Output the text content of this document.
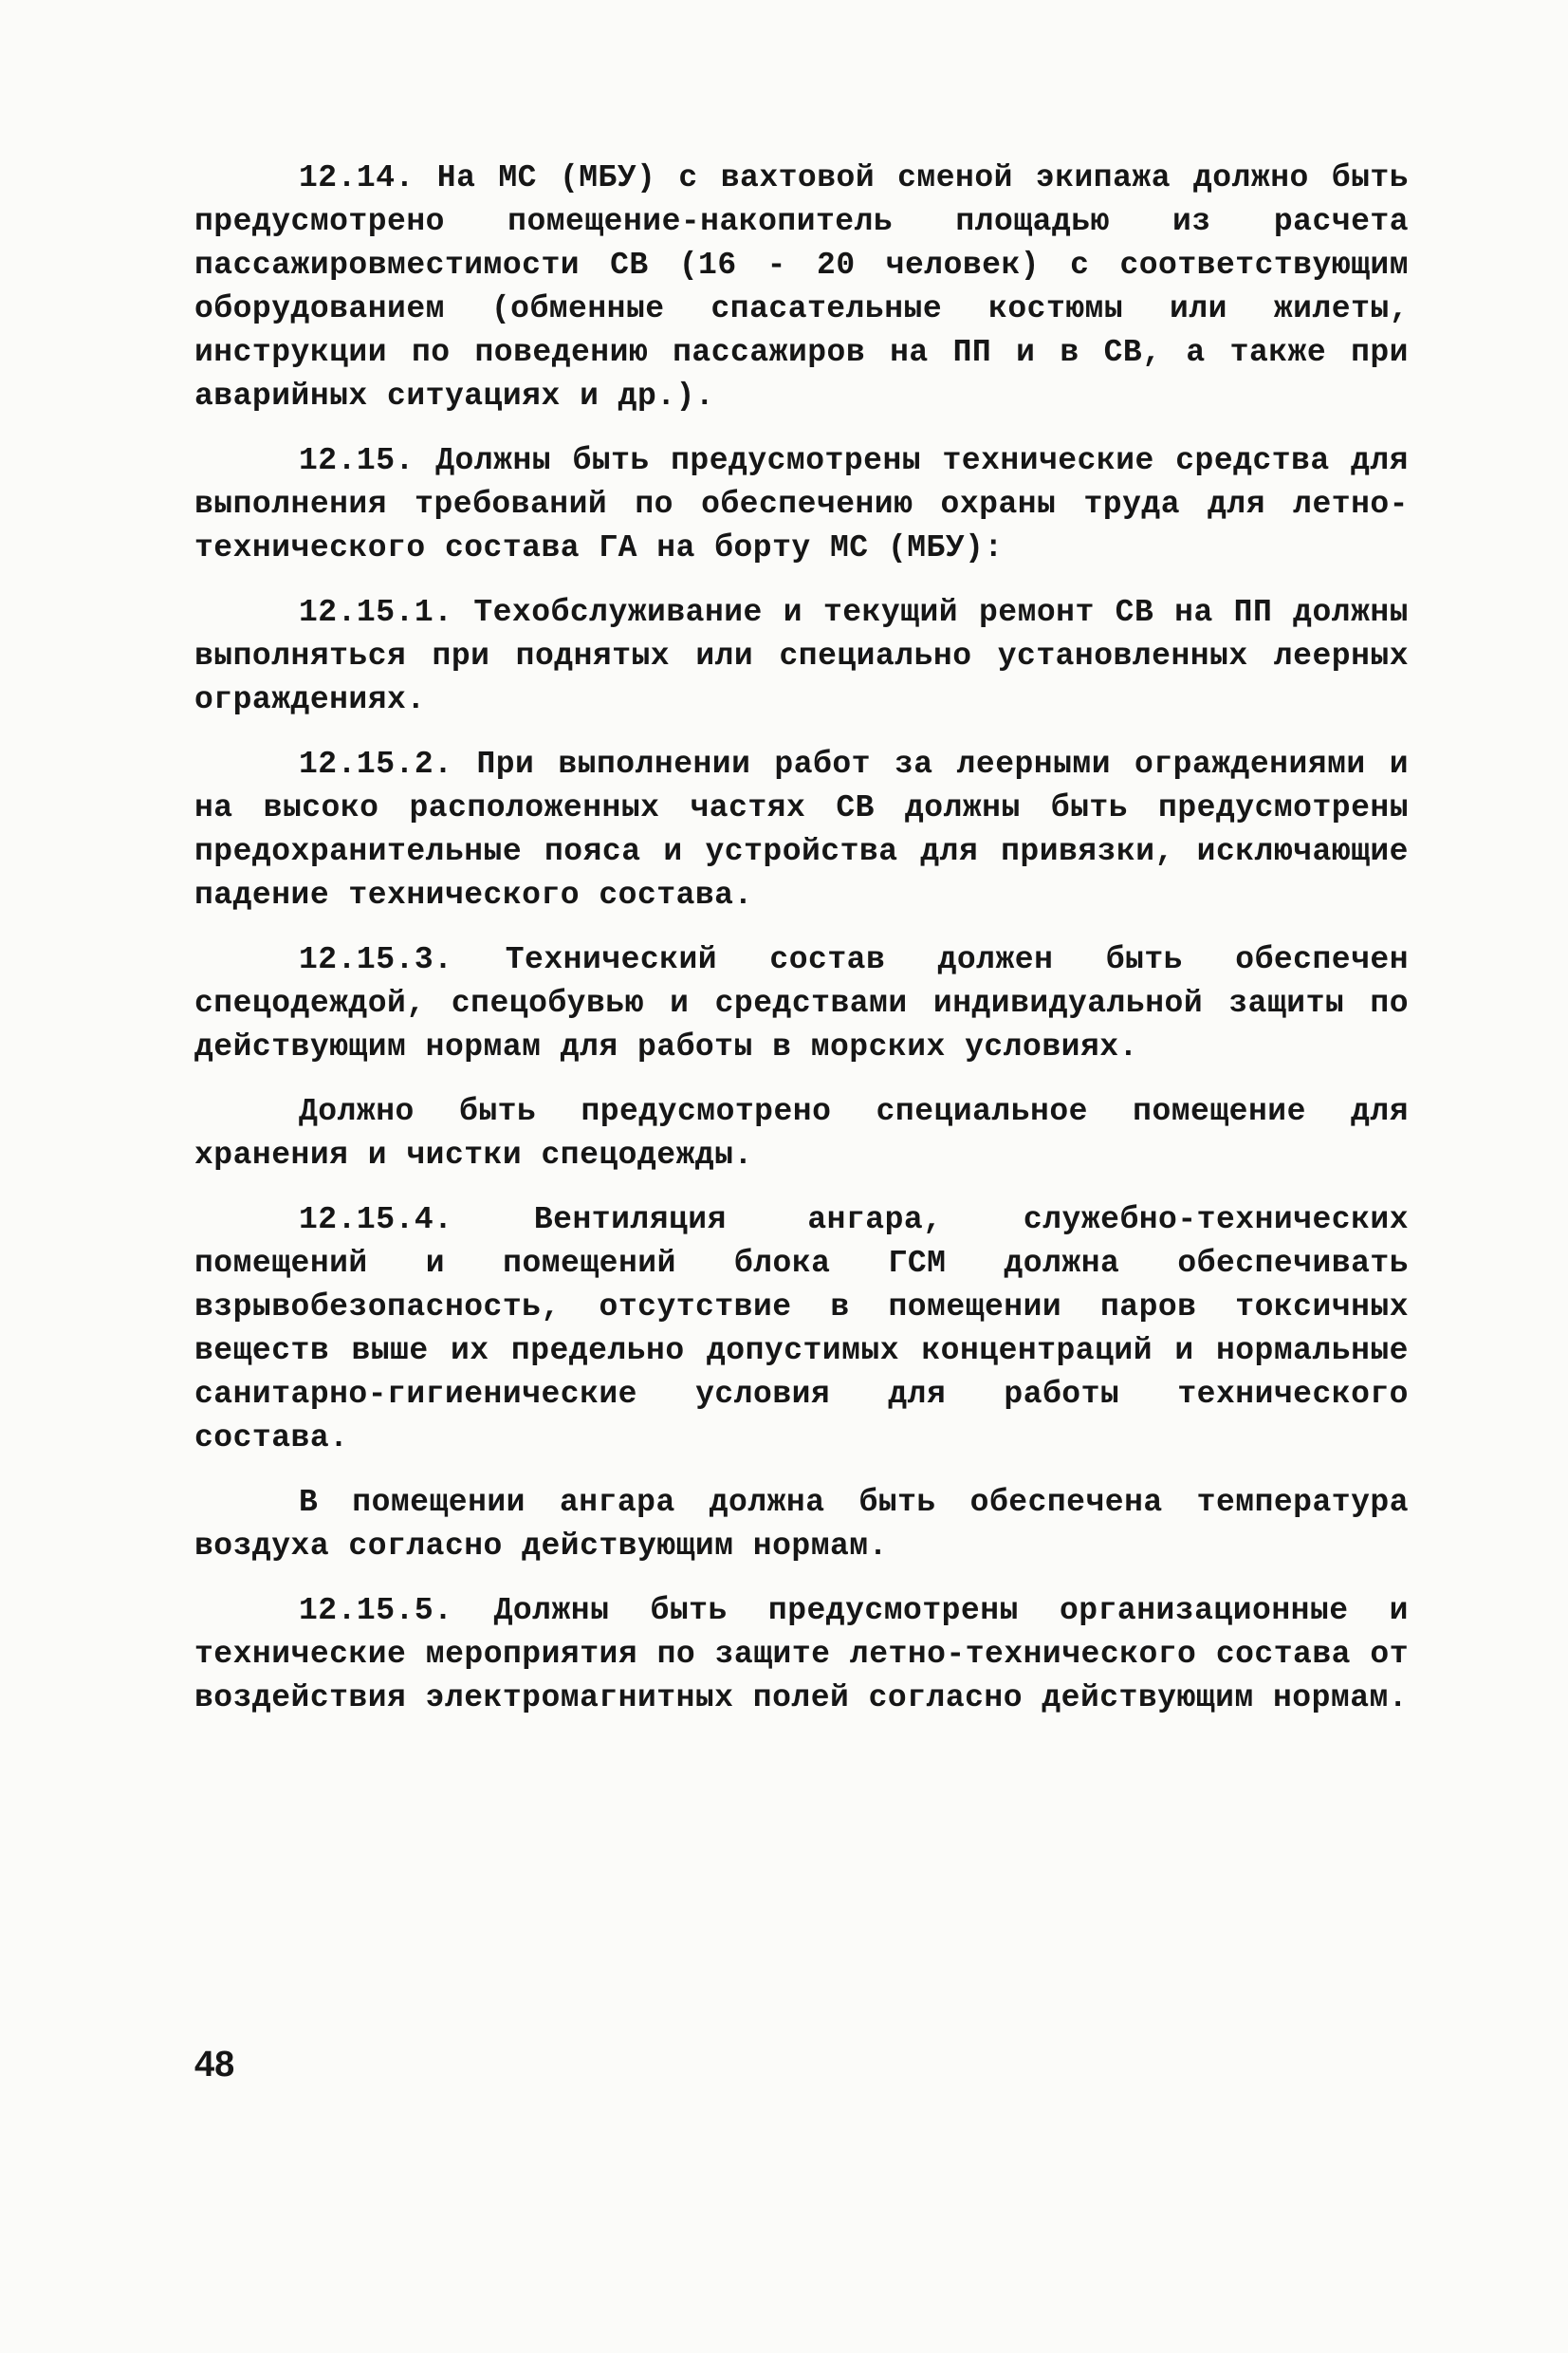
12.14. На МС (МБУ) с вахтовой сменой экипажа должно быть предусмотрено помещение-накопитель площадью из расчета пассажировместимости СВ (16 - 20 человек) с соответствующим оборудованием (обменные спасательные костюмы или жилеты, инструкции по поведению пассажиров на ПП и в СВ, а также при аварийных ситуациях и др.).

12.15. Должны быть предусмотрены технические средства для выполнения требований по обеспечению охраны труда для летно-технического состава ГА на борту МС (МБУ):

12.15.1. Техобслуживание и текущий ремонт СВ на ПП должны выполняться при поднятых или специально установленных леерных ограждениях.

12.15.2. При выполнении работ за леерными ограждениями и на высоко расположенных частях СВ должны быть предусмотрены предохранительные пояса и устройства для привязки, исключающие падение технического состава.

12.15.3. Технический состав должен быть обеспечен спецодеждой, спецобувью и средствами индивидуальной защиты по действующим нормам для работы в морских условиях.

Должно быть предусмотрено специальное помещение для хранения и чистки спецодежды.

12.15.4. Вентиляция ангара, служебно-технических помещений и помещений блока ГСМ должна обеспечивать взрывобезопасность, отсутствие в помещении паров токсичных веществ выше их предельно допустимых концентраций и нормальные санитарно-гигиенические условия для работы технического состава.

В помещении ангара должна быть обеспечена температура воздуха согласно действующим нормам.

12.15.5. Должны быть предусмотрены организационные и технические мероприятия по защите летно-технического состава от воздействия электромагнитных полей согласно действующим нормам.

48
